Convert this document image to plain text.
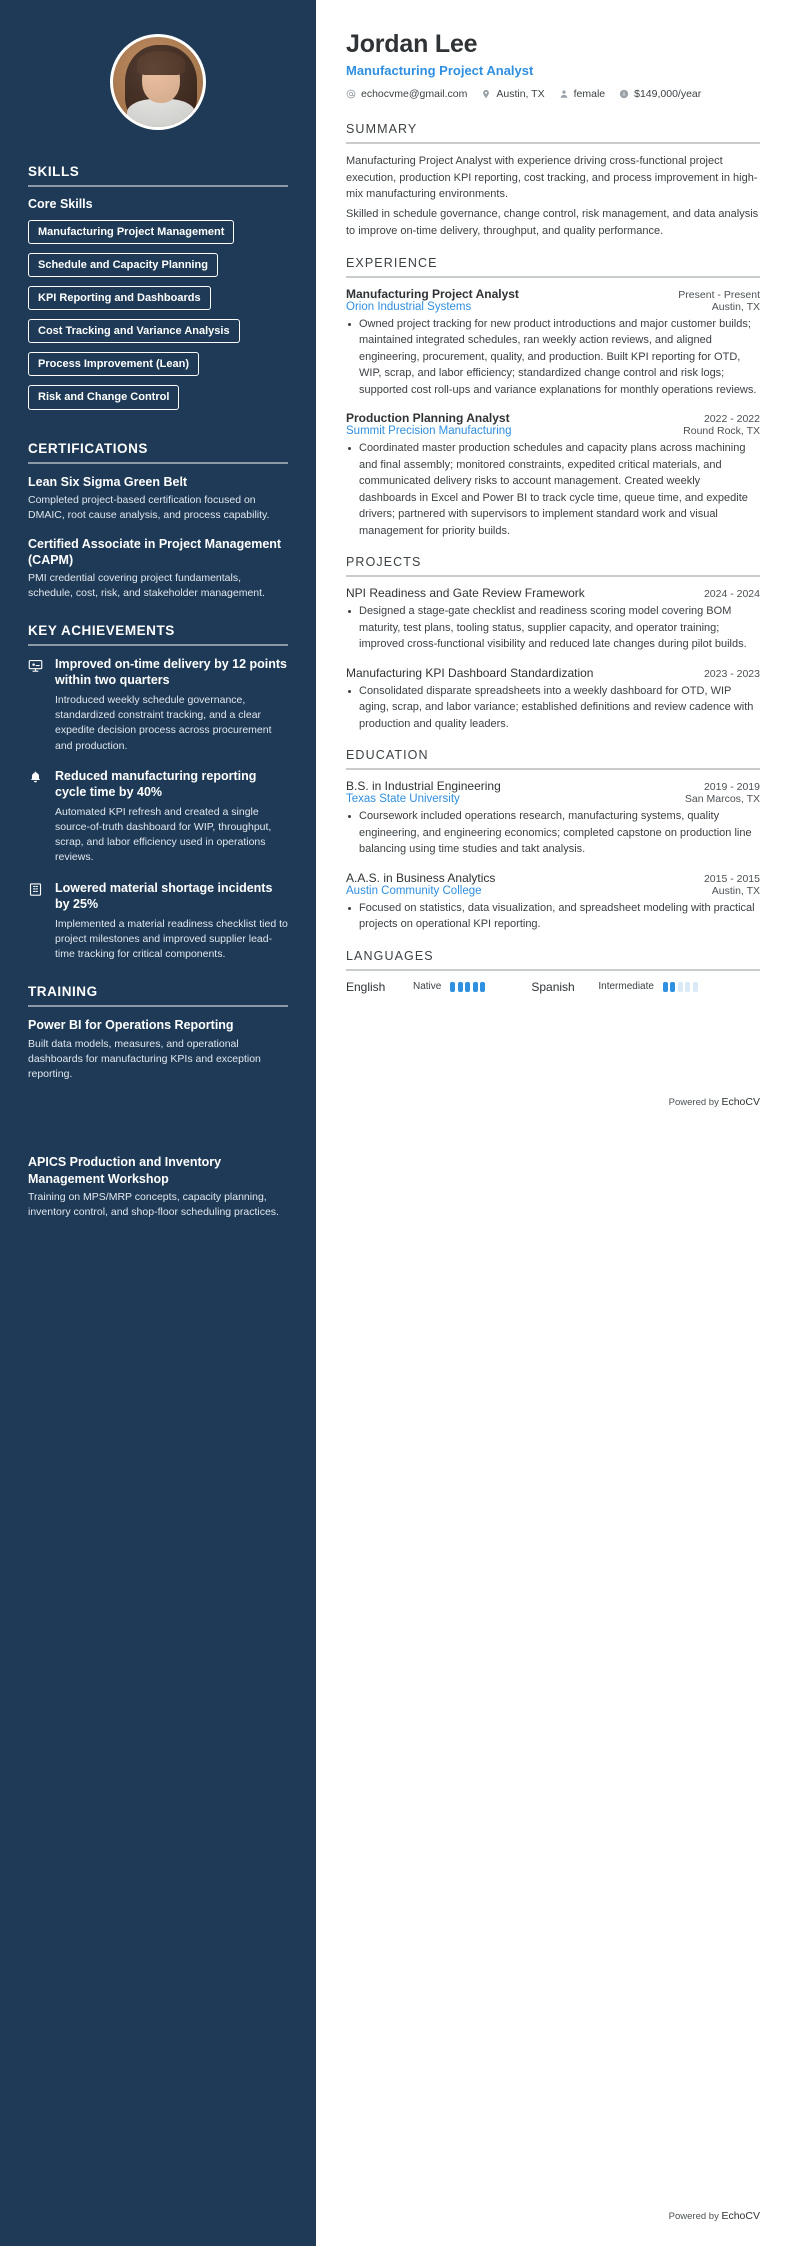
SKILLS
Core Skills
Manufacturing Project Management
Schedule and Capacity Planning
KPI Reporting and Dashboards
Cost Tracking and Variance Analysis
Process Improvement (Lean)
Risk and Change Control
CERTIFICATIONS
Lean Six Sigma Green Belt
Completed project-based certification focused on DMAIC, root cause analysis, and process capability.
Certified Associate in Project Management (CAPM)
PMI credential covering project fundamentals, schedule, cost, risk, and stakeholder management.
KEY ACHIEVEMENTS
Improved on-time delivery by 12 points within two quarters
Introduced weekly schedule governance, standardized constraint tracking, and a clear expedite decision process across procurement and production.
Reduced manufacturing reporting cycle time by 40%
Automated KPI refresh and created a single source-of-truth dashboard for WIP, throughput, scrap, and labor efficiency used in operations reviews.
Lowered material shortage incidents by 25%
Implemented a material readiness checklist tied to project milestones and improved supplier lead-time tracking for critical components.
TRAINING
Power BI for Operations Reporting
Built data models, measures, and operational dashboards for manufacturing KPIs and exception reporting.
APICS Production and Inventory Management Workshop
Training on MPS/MRP concepts, capacity planning, inventory control, and shop-floor scheduling practices.
Jordan Lee
Manufacturing Project Analyst
echocvme@gmail.com	Austin, TX	female	$149,000/year
SUMMARY

Manufacturing Project Analyst with experience driving cross-functional project execution, production KPI reporting, cost tracking, and process improvement in high-mix manufacturing environments.

Skilled in schedule governance, change control, risk management, and data analysis to improve on-time delivery, throughput, and quality performance.

EXPERIENCE
Manufacturing Project Analyst	Present - Present
Orion Industrial Systems	Austin, TX
Owned project tracking for new product introductions and major customer builds; maintained integrated schedules, ran weekly action reviews, and aligned engineering, procurement, quality, and production. Built KPI reporting for OTD, WIP, scrap, and labor efficiency; standardized change control and risk logs; supported cost roll-ups and variance explanations for monthly operations reviews.
Production Planning Analyst	2022 - 2022
Summit Precision Manufacturing	Round Rock, TX
Coordinated master production schedules and capacity plans across machining and final assembly; monitored constraints, expedited critical materials, and communicated delivery risks to account management. Created weekly dashboards in Excel and Power BI to track cycle time, queue time, and expedite drivers; partnered with supervisors to implement standard work and visual management for priority builds.
PROJECTS
NPI Readiness and Gate Review Framework	2024 - 2024
Designed a stage-gate checklist and readiness scoring model covering BOM maturity, test plans, tooling status, supplier capacity, and operator training; improved cross-functional visibility and reduced late changes during pilot builds.
Manufacturing KPI Dashboard Standardization	2023 - 2023
Consolidated disparate spreadsheets into a weekly dashboard for OTD, WIP aging, scrap, and labor variance; established definitions and review cadence with production and quality leaders.
EDUCATION
B.S. in Industrial Engineering	2019 - 2019
Texas State University	San Marcos, TX
Coursework included operations research, manufacturing systems, quality engineering, and engineering economics; completed capstone on production line balancing using time studies and takt analysis.
A.A.S. in Business Analytics	2015 - 2015
Austin Community College	Austin, TX
Focused on statistics, data visualization, and spreadsheet modeling with practical projects on operational KPI reporting.
LANGUAGES
English	Native	Spanish	Intermediate
Powered by EchoCV
Powered by EchoCV
